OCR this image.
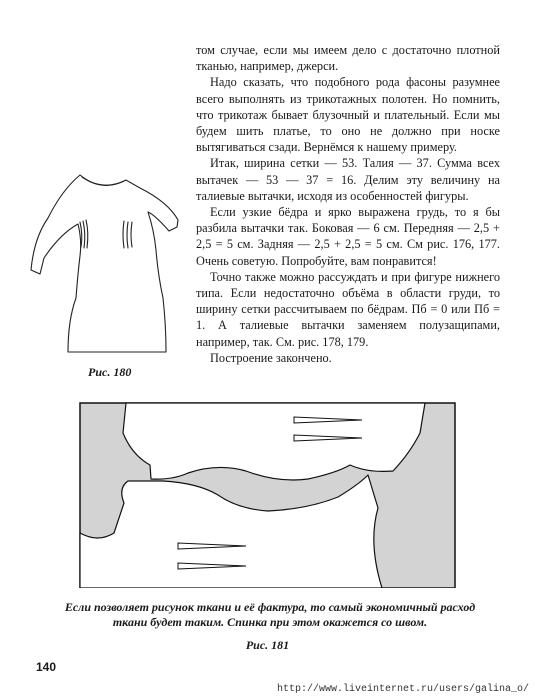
Рис. 180

том случае, если мы имеем дело с достаточно плотной тканью, например, джерси.

Надо сказать, что подобного рода фасоны разумнее всего выполнять из трикотажных полотен. Но помнить, что трикотаж бывает блузочный и плательный. Если мы будем шить платье, то оно не должно при носке вытягиваться сзади. Вернёмся к нашему примеру.

Итак, ширина сетки — 53. Талия — 37. Сумма всех вытачек — 53 — 37 = 16. Делим эту величину на талиевые вытачки, исходя из особенностей фигуры.

Если узкие бёдра и ярко выражена грудь, то я бы разбила вытачки так. Боковая — 6 см. Передняя — 2,5 + 2,5 = 5 см. Задняя — 2,5 + 2,5 = 5 см. См рис. 176, 177. Очень советую. Попробуйте, вам понравится!

Точно также можно рассуждать и при фигуре нижнего типа. Если недостаточно объёма в области груди, то ширину сетки рассчитываем по бёдрам. Пб = 0 или Пб = 1. А талиевые вытачки заменяем полузащипами, например, так. См. рис. 178, 179.

Построение закончено.

Если позволяет рисунок ткани и её фактура, то самый экономичный расход ткани будет таким. Спинка при этом окажется со швом.
Рис. 181
140
http://www.liveinternet.ru/users/galina_o/
